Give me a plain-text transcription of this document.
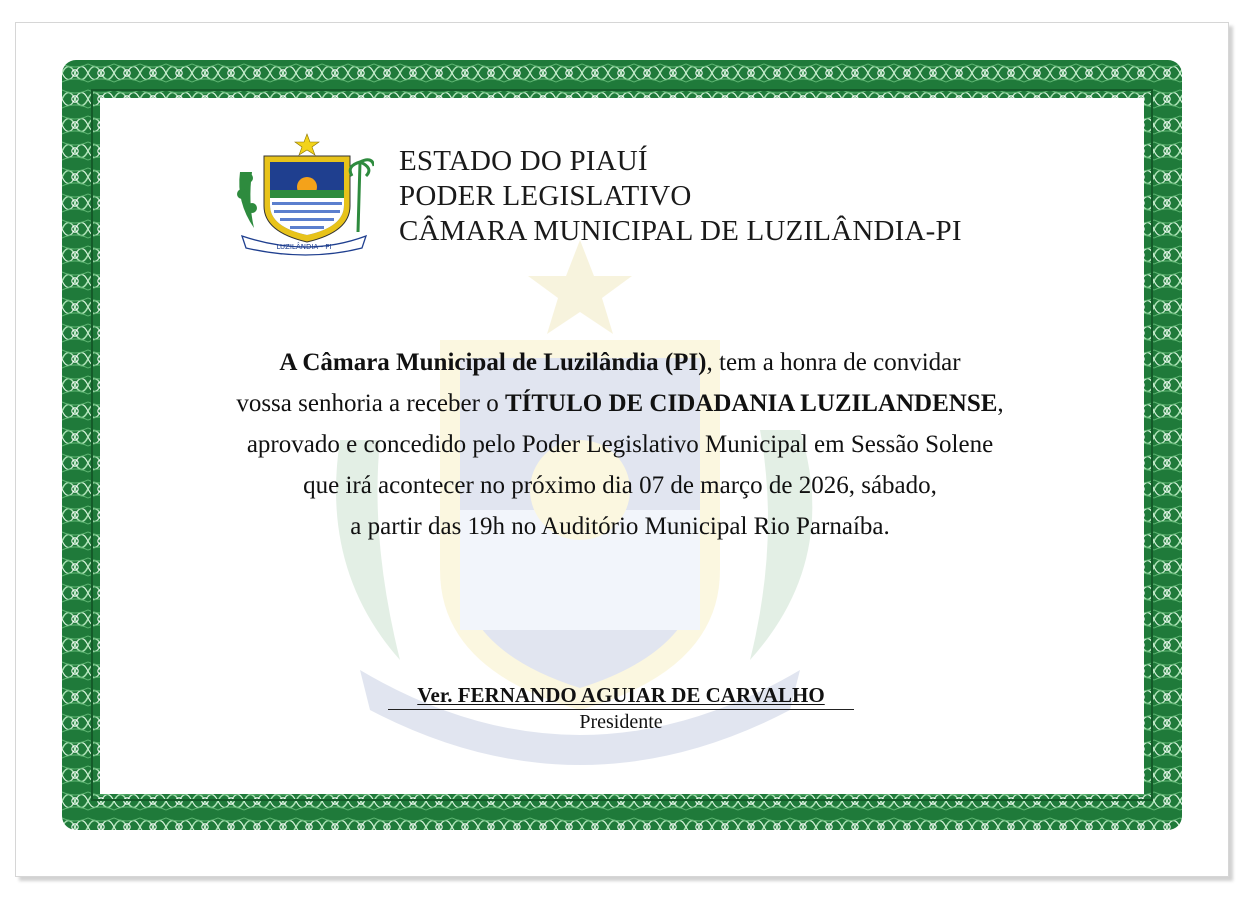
LUZILÂNDIA - PI
ESTADO DO PIAUÍ
PODER LEGISLATIVO
CÂMARA MUNICIPAL DE LUZILÂNDIA-PI
A Câmara Municipal de Luzilândia (PI), tem a honra de convidar
vossa senhoria a receber o TÍTULO DE CIDADANIA LUZILANDENSE,
aprovado e concedido pelo Poder Legislativo Municipal em Sessão Solene
que irá acontecer no próximo dia 07 de março de 2026, sábado,
a partir das 19h no Auditório Municipal Rio Parnaíba.
Ver. FERNANDO AGUIAR DE CARVALHO
Presidente
